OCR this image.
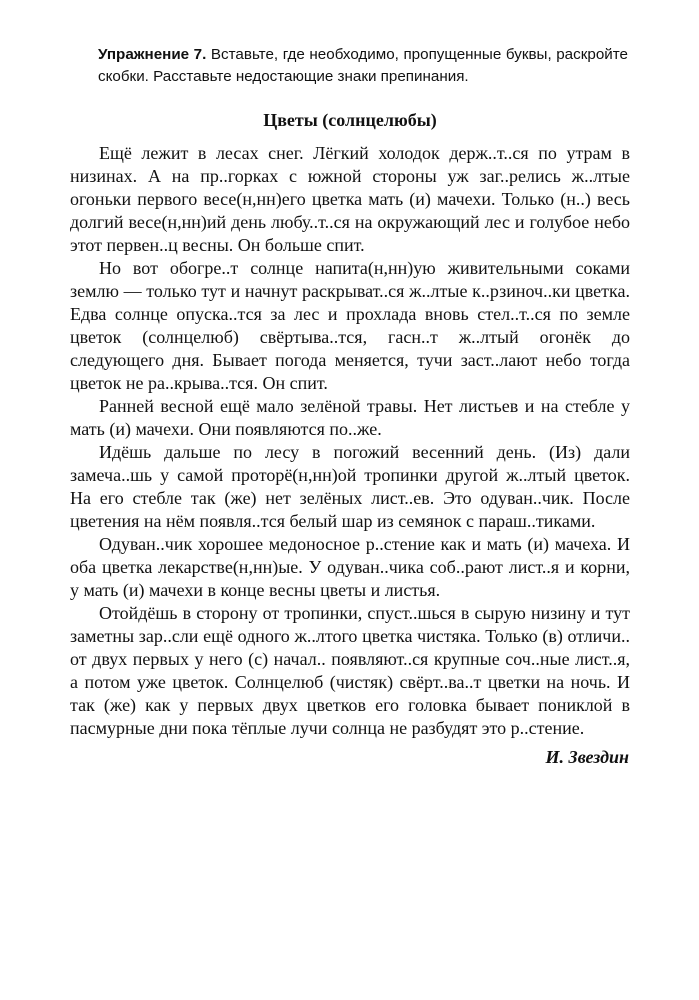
Упражнение 7. Вставьте, где необходимо, пропущенные буквы, раскройте скобки. Расставьте недостающие знаки препинания.
Цветы (солнцелюбы)

Ещё лежит в лесах снег. Лёгкий холодок держ..т..ся по утрам в низинах. А на пр..горках с южной стороны уж заг..релись ж..лтые огоньки первого весе(н,нн)его цветка мать (и) мачехи. Только (н..) весь долгий весе(н,нн)ий день любу..т..ся на окружающий лес и голубое небо этот первен..ц весны. Он больше спит.

Но вот обогре..т солнце напита(н,нн)ую живительными соками землю — только тут и начнут раскрыват..ся ж..лтые к..рзиноч..ки цветка. Едва солнце опуска..тся за лес и прохлада вновь стел..т..ся по земле цветок (солнцелюб) свёртыва..тся, гасн..т ж..лтый огонёк до следующего дня. Бывает погода меняется, тучи заст..лают небо тогда цветок не ра..крыва..тся. Он спит.

Ранней весной ещё мало зелёной травы. Нет листьев и на стебле у мать (и) мачехи. Они появляются по..же.

Идёшь дальше по лесу в погожий весенний день. (Из) дали замеча..шь у самой проторё(н,нн)ой тропинки другой ж..лтый цветок. На его стебле так (же) нет зелёных лист..ев. Это одуван..чик. После цветения на нём появля..тся белый шар из семянок с параш..тиками.

Одуван..чик хорошее медоносное р..стение как и мать (и) мачеха. И оба цветка лекарстве(н,нн)ые. У одуван..чика соб..рают лист..я и корни, у мать (и) мачехи в конце весны цветы и листья.

Отойдёшь в сторону от тропинки, спуст..шься в сырую низину и тут заметны зар..сли ещё одного ж..лтого цветка чистяка. Только (в) отличи.. от двух первых у него (с) начал.. появляют..ся крупные соч..ные лист..я, а потом уже цветок. Солнцелюб (чистяк) свёрт..ва..т цветки на ночь. И так (же) как у первых двух цветков его головка бывает пониклой в пасмурные дни пока тёплые лучи солнца не разбудят это р..стение.

И. Звездин
